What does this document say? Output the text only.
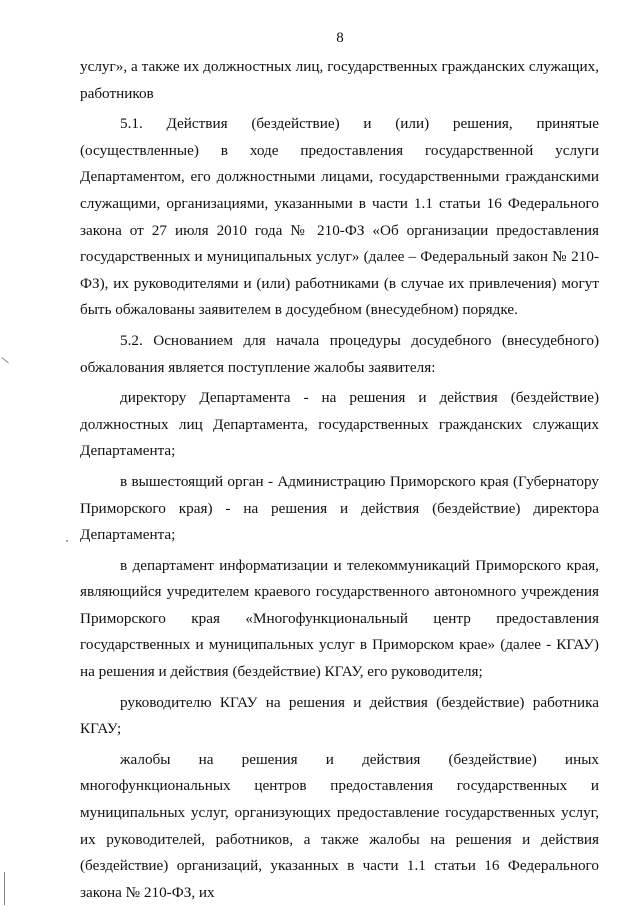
8

услуг», а также их должностных лиц, государственных гражданских служащих, работников

5.1. Действия (бездействие) и (или) решения, принятые (осуществленные) в ходе предоставления государственной услуги Департаментом, его должностными лицами, государственными гражданскими служащими, организациями, указанными в части 1.1 статьи 16 Федерального закона от 27 июля 2010 года № 210-ФЗ «Об организации предоставления государственных и муниципальных услуг» (далее – Федеральный закон № 210-ФЗ), их руководителями и (или) работниками (в случае их привлечения) могут быть обжалованы заявителем в досудебном (внесудебном) порядке.

5.2. Основанием для начала процедуры досудебного (внесудебного) обжалования является поступление жалобы заявителя:

директору Департамента - на решения и действия (бездействие) должностных лиц Департамента, государственных гражданских служащих Департамента;

в вышестоящий орган - Администрацию Приморского края (Губернатору Приморского края) - на решения и действия (бездействие) директора Департамента;

в департамент информатизации и телекоммуникаций Приморского края, являющийся учредителем краевого государственного автономного учреждения Приморского края «Многофункциональный центр предоставления государственных и муниципальных услуг в Приморском крае» (далее - КГАУ) на решения и действия (бездействие) КГАУ, его руководителя;

руководителю КГАУ на решения и действия (бездействие) работника КГАУ;

жалобы на решения и действия (бездействие) иных многофункциональных центров предоставления государственных и муниципальных услуг, организующих предоставление государственных услуг, их руководителей, работников, а также жалобы на решения и действия (бездействие) организаций, указанных в части 1.1 статьи 16 Федерального закона № 210-ФЗ, их
